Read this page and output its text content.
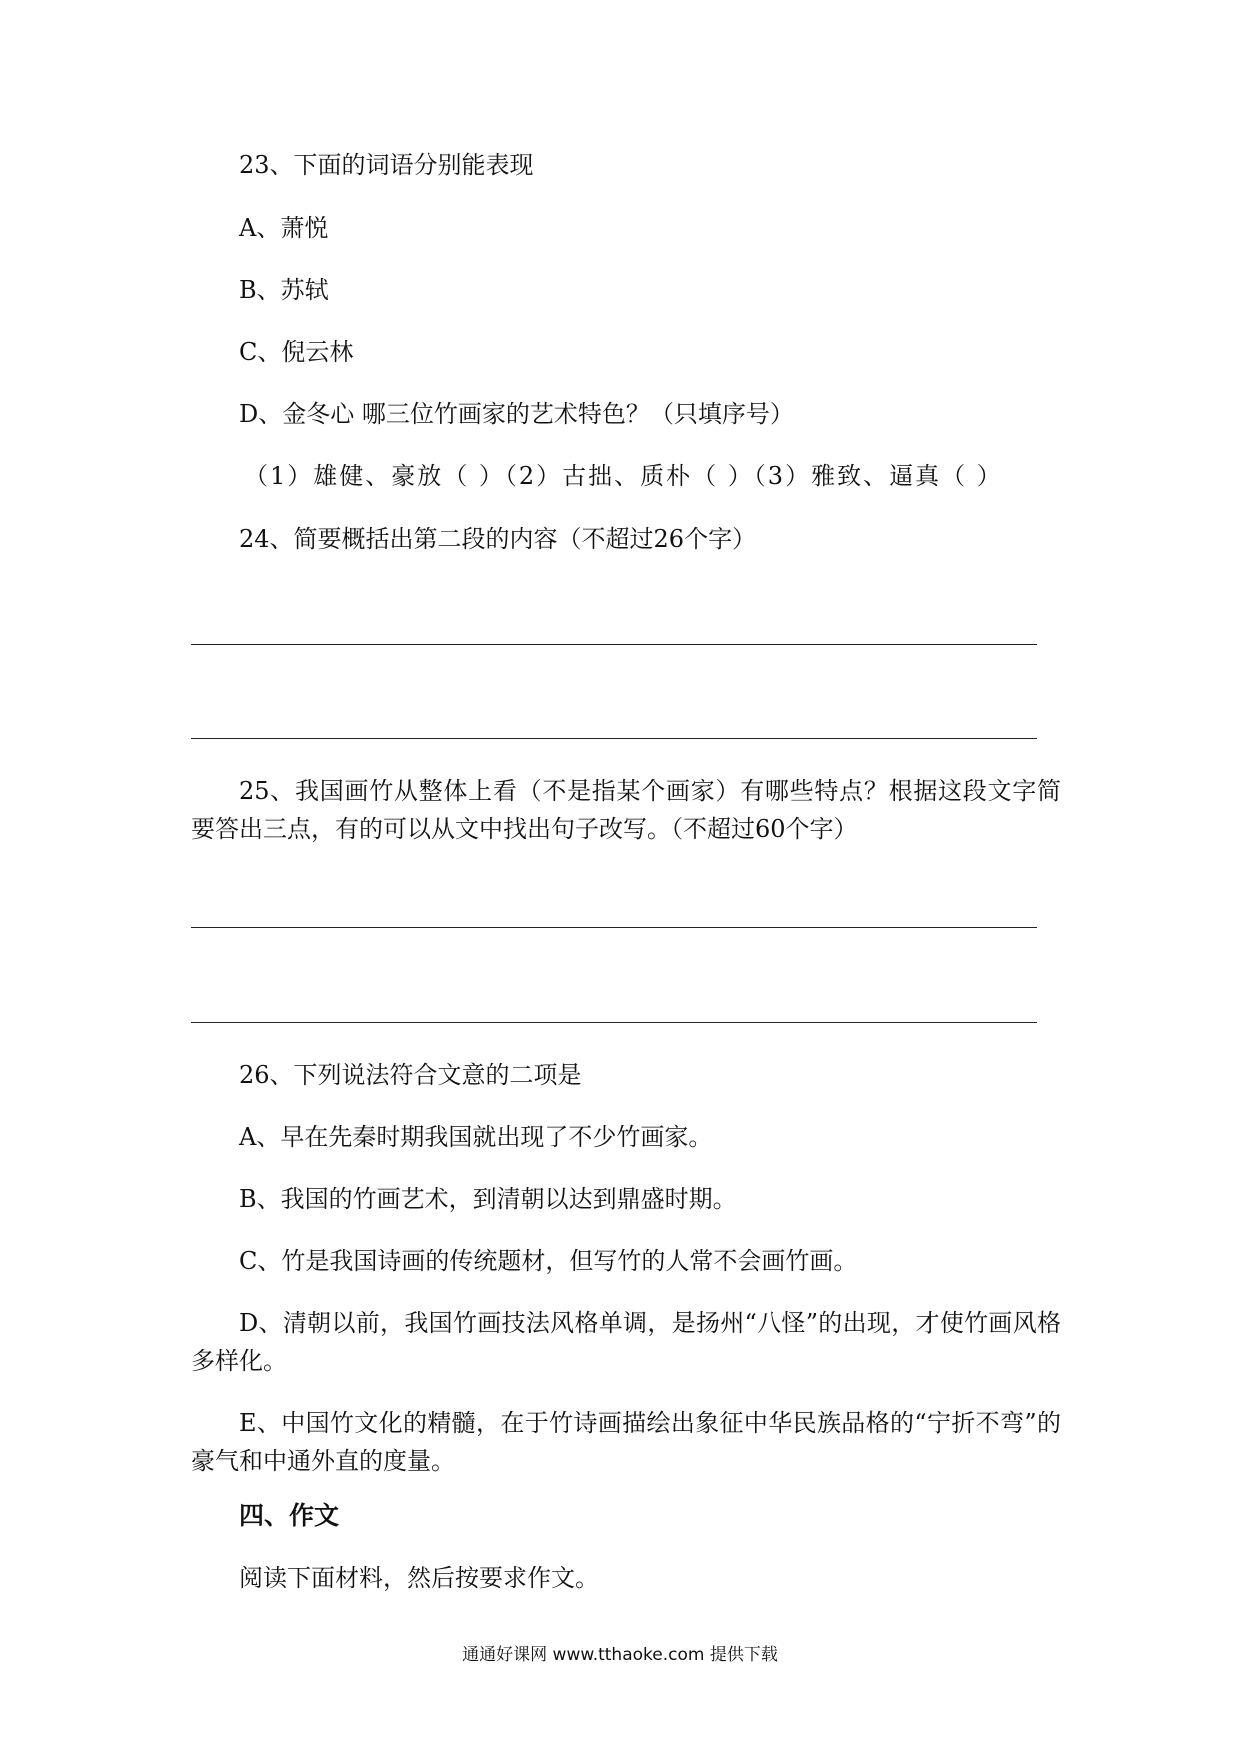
23、下面的词语分别能表现
A、萧悦
B、苏轼
C、倪云林
D、金冬心 哪三位竹画家的艺术特色？（只填序号）
（1）雄健、豪放（ ）（2）古拙、质朴（ ）（3）雅致、逼真（ ）
24、简要概括出第二段的内容（不超过26个字）
25、我国画竹从整体上看（不是指某个画家）有哪些特点？根据这段文字简要答出三点，有的可以从文中找出句子改写。（不超过60个字）
26、下列说法符合文意的二项是
A、早在先秦时期我国就出现了不少竹画家。
B、我国的竹画艺术，到清朝以达到鼎盛时期。
C、竹是我国诗画的传统题材，但写竹的人常不会画竹画。
D、清朝以前，我国竹画技法风格单调，是扬州“八怪”的出现，才使竹画风格多样化。
E、中国竹文化的精髓，在于竹诗画描绘出象征中华民族品格的“宁折不弯”的豪气和中通外直的度量。
四、作文
阅读下面材料，然后按要求作文。
通通好课网 www.tthaoke.com 提供下载
